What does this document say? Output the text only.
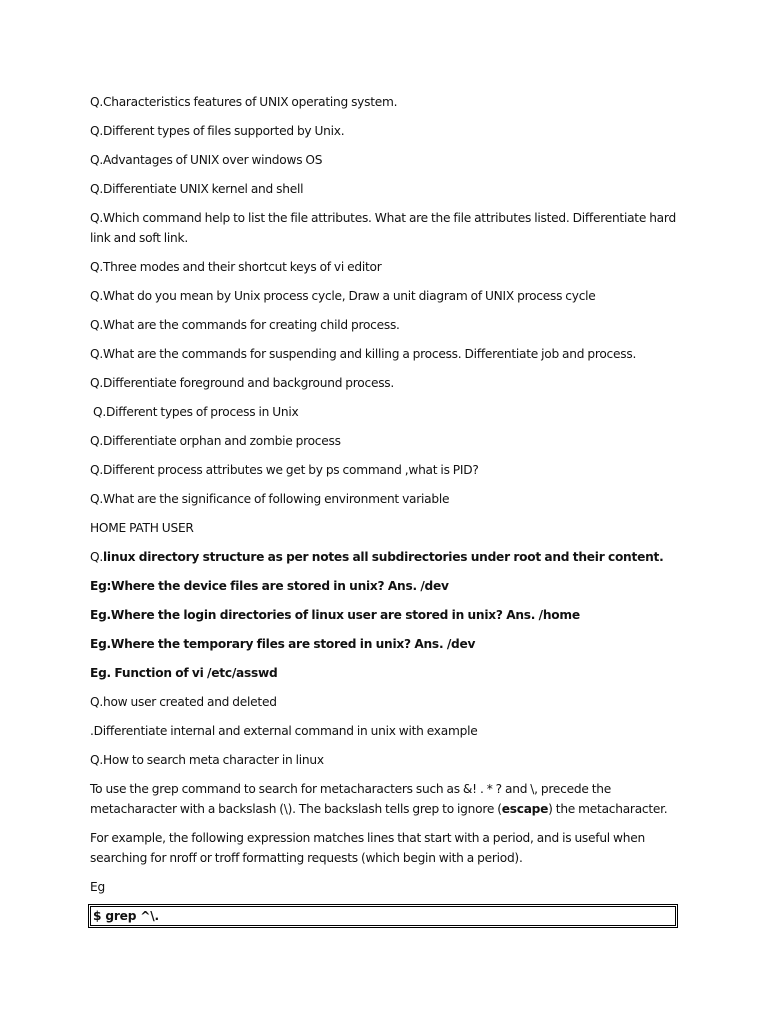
Q.Characteristics features of UNIX operating system.

Q.Different types of files supported by Unix.

Q.Advantages of UNIX over windows OS

Q.Differentiate UNIX kernel and shell

Q.Which command help to list the file attributes. What are the file attributes listed. Differentiate hard link and soft link.

Q.Three modes and their shortcut keys of vi editor

Q.What do you mean by Unix process cycle, Draw a unit diagram of UNIX process cycle

Q.What are the commands for creating child process.

Q.What are the commands for suspending and killing a process. Differentiate job and process.

Q.Differentiate foreground and background process.

Q.Different types of process in Unix

Q.Differentiate orphan and zombie process

Q.Different process attributes we get by ps command ,what is PID?

Q.What are the significance of following environment variable

HOME PATH USER

Q.linux directory structure as per notes all subdirectories under root and their content.

Eg:Where the device files are stored in unix? Ans. /dev

Eg.Where the login directories of linux user are stored in unix? Ans. /home

Eg.Where the temporary files are stored in unix? Ans. /dev

Eg. Function of vi /etc/asswd

Q.how user created and deleted

.Differentiate internal and external command in unix with example

Q.How to search meta character in linux

To use the grep command to search for metacharacters such as &! . * ? and \, precede the metacharacter with a backslash (\). The backslash tells grep to ignore (escape) the metacharacter.

For example, the following expression matches lines that start with a period, and is useful when searching for nroff or troff formatting requests (which begin with a period).

Eg

$ grep ^\.
